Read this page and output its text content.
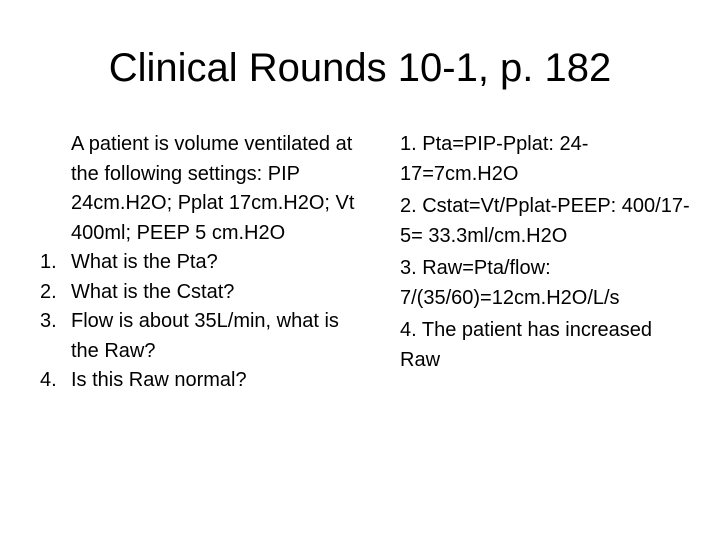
Clinical Rounds 10-1, p. 182

A patient is volume ventilated at the following settings: PIP 24cm.H2O; Pplat 17cm.H2O; Vt 400ml; PEEP 5 cm.H2O

1. What is the Pta?
2. What is the Cstat?
3. Flow is about 35L/min, what is the Raw?
4. Is this Raw normal?
1. Pta=PIP-Pplat: 24-17=7cm.H2O
2. Cstat=Vt/Pplat-PEEP: 400/17-5= 33.3ml/cm.H2O
3. Raw=Pta/flow: 7/(35/60)=12cm.H2O/L/s
4. The patient has increased Raw
